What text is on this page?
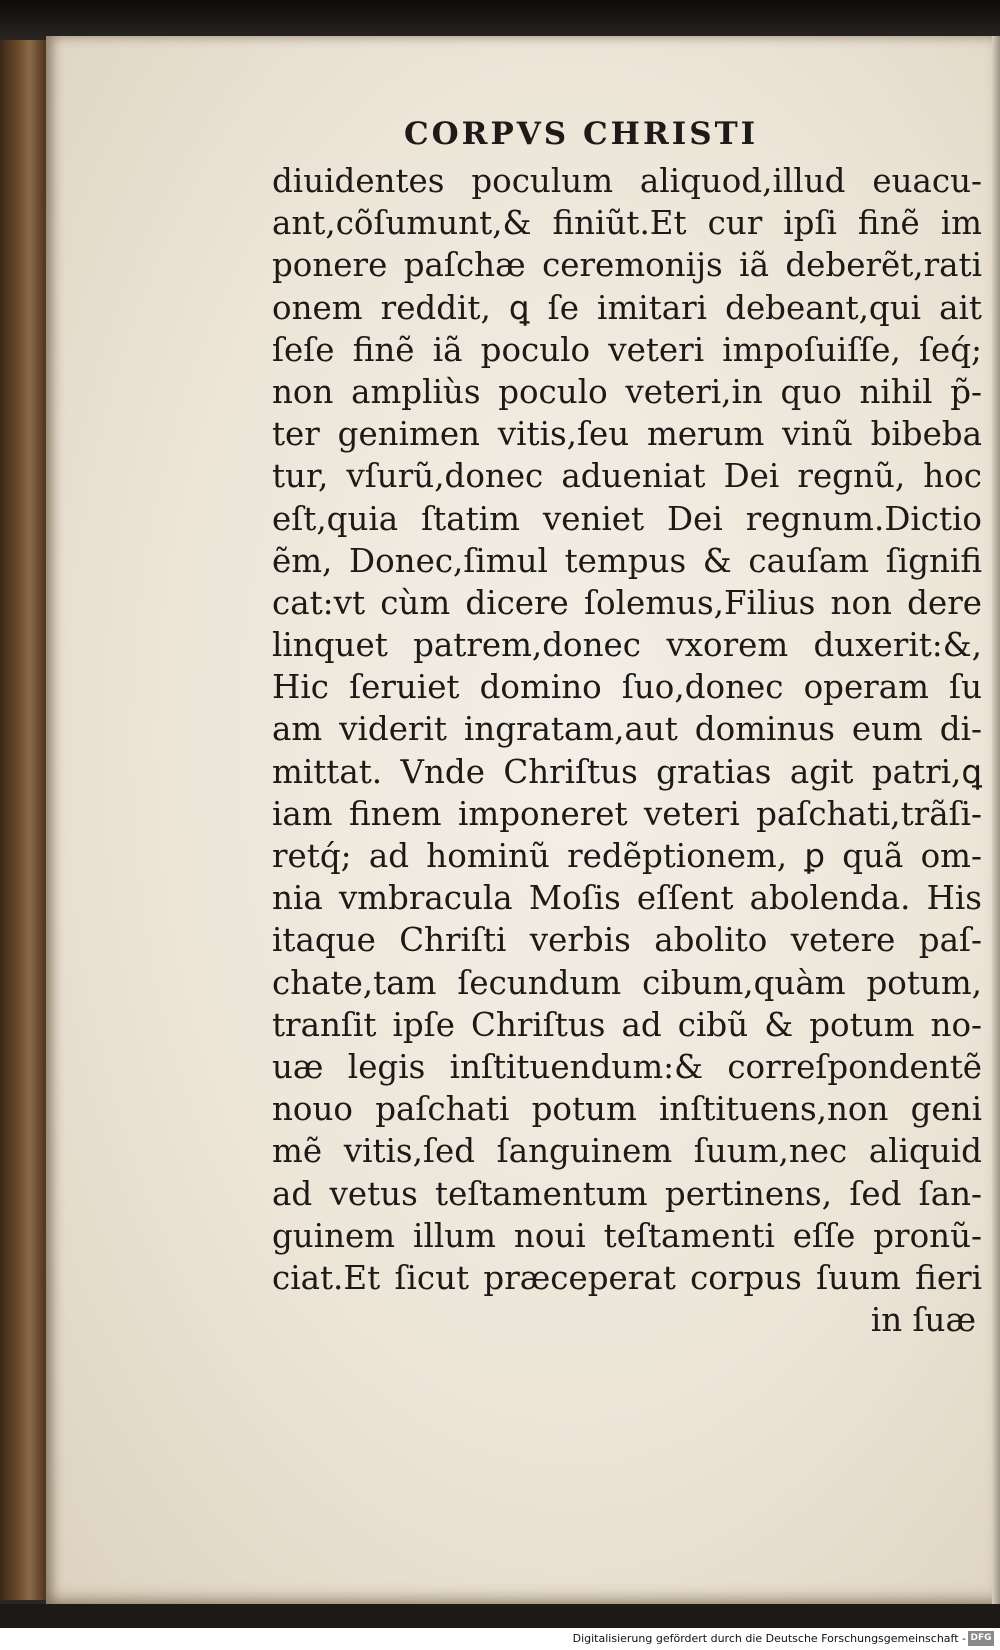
CORPVS CHRISTI
diuidentes poculum aliquod,illud euacu-
ant,cõſumunt,& finiũt.Et cur ipſi finẽ im
ponere paſchæ ceremonijs iã deberẽt,rati
onem reddit, ꝗ ſe imitari debeant,qui ait
ſeſe finẽ iã poculo veteri impoſuiſſe, ſeq́;
non ampliùs poculo veteri,in quo nihil p̃-
ter genimen vitis,ſeu merum vinũ bibeba
tur, vſurũ,donec adueniat Dei regnũ, hoc
eſt,quia ſtatim veniet Dei regnum.Dictio
ẽm, Donec,ſimul tempus & cauſam ſignifi
cat:vt cùm dicere ſolemus,Filius non dere
linquet patrem,donec vxorem duxerit:&,
Hic ſeruiet domino ſuo,donec operam ſu
am viderit ingratam,aut dominus eum di-
mittat. Vnde Chriſtus gratias agit patri,ꝗ
iam finem imponeret veteri paſchati,trãſi-
retq́; ad hominũ redẽptionem, ꝑ quã om-
nia vmbracula Moſis eſſent abolenda. His
itaque Chriſti verbis abolito vetere paſ-
chate,tam ſecundum cibum,quàm potum,
tranſit ipſe Chriſtus ad cibũ & potum no-
uæ legis inſtituendum:& correſpondentẽ
nouo paſchati potum inſtituens,non geni
mẽ vitis,ſed ſanguinem ſuum,nec aliquid
ad vetus teſtamentum pertinens, ſed ſan-
guinem illum noui teſtamenti eſſe pronũ-
ciat.Et ſicut præceperat corpus ſuum fieri
in ſuæ
Digitalisierung gefördert durch die Deutsche Forschungsgemeinschaft - DFG
